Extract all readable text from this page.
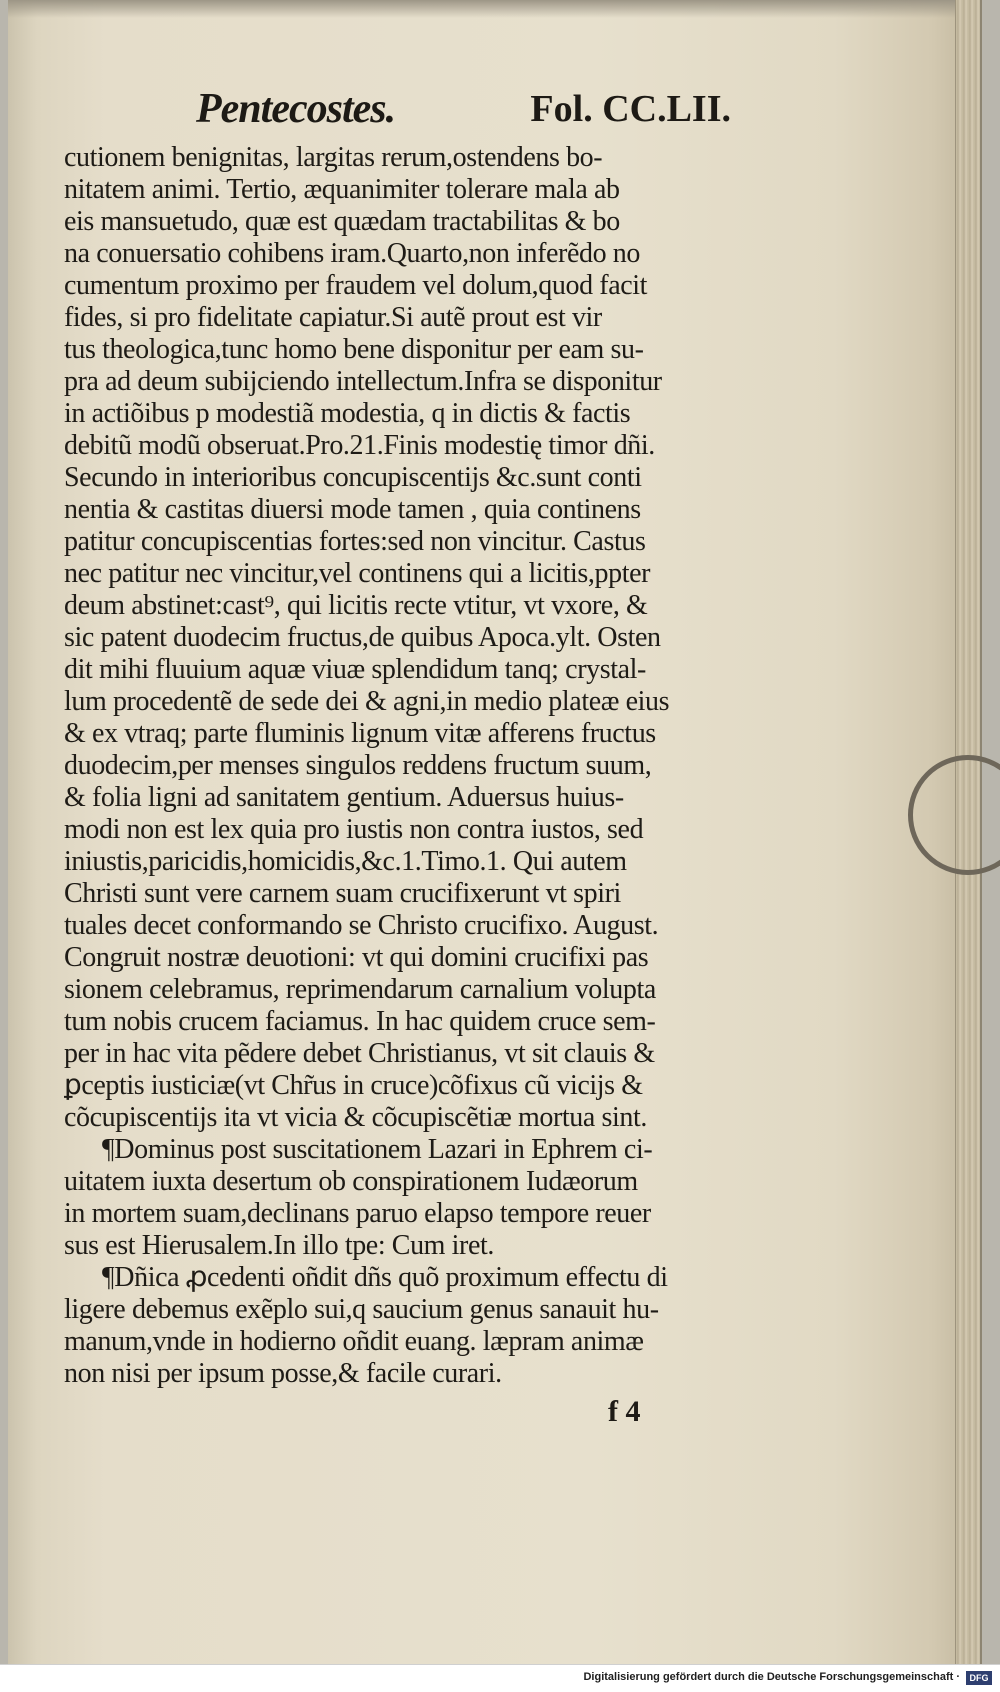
Pentecostes.	Fol. CC.LII.
cutionem benignitas, largitas rerum,ostendens bo-
nitatem animi. Tertio, æquanimiter tolerare mala ab
eis mansuetudo, quæ est quædam tractabilitas & bo
na conuersatio cohibens iram.Quarto,non inferẽdo no
cumentum proximo per fraudem vel dolum,quod facit
fides, si pro fidelitate capiatur.Si autẽ prout est vir
tus theologica,tunc homo bene disponitur per eam su-
pra ad deum subijciendo intellectum.Infra se disponitur
in actiõibus p modestiã modestia, q in dictis & factis
debitũ modũ obseruat.Pro.21.Finis modestię timor dñi.
Secundo in interioribus concupiscentijs &c.sunt conti
nentia & castitas diuersi mode tamen , quia continens
patitur concupiscentias fortes:sed non vincitur. Castus
nec patitur nec vincitur,vel continens qui a licitis,ppter
deum abstinet:cast⁹, qui licitis recte vtitur, vt vxore, &
sic patent duodecim fructus,de quibus Apoca.ylt. Osten
dit mihi fluuium aquæ viuæ splendidum tanq; crystal-
lum procedentẽ de sede dei & agni,in medio plateæ eius
& ex vtraq; parte fluminis lignum vitæ afferens fructus
duodecim,per menses singulos reddens fructum suum,
& folia ligni ad sanitatem gentium. Aduersus huius-
modi non est lex quia pro iustis non contra iustos, sed
iniustis,paricidis,homicidis,&c.1.Timo.1. Qui autem
Christi sunt vere carnem suam crucifixerunt vt spiri
tuales decet conformando se Christo crucifixo. August.
Congruit nostræ deuotioni: vt qui domini crucifixi pas
sionem celebramus, reprimendarum carnalium volupta
tum nobis crucem faciamus. In hac quidem cruce sem-
per in hac vita pẽdere debet Christianus, vt sit clauis &
ꝑceptis iusticiæ(vt Chr̃us in cruce)cõfixus cũ vicijs &
cõcupiscentijs ita vt vicia & cõcupiscẽtiæ mortua sint.
¶Dominus post suscitationem Lazari in Ephrem ci-
uitatem iuxta desertum ob conspirationem Iudæorum
in mortem suam,declinans paruo elapso tempore reuer
sus est Hierusalem.In illo tpe: Cum iret.
¶Dñica ꝓcedenti oñdit dñs quõ proximum effectu di
ligere debemus exẽplo sui,q saucium genus sanauit hu-
manum,vnde in hodierno oñdit euang. læpram animæ
non nisi per ipsum posse,& facile curari.
f 4
Digitalisierung gefördert durch die Deutsche Forschungsgemeinschaft ·	DFG
